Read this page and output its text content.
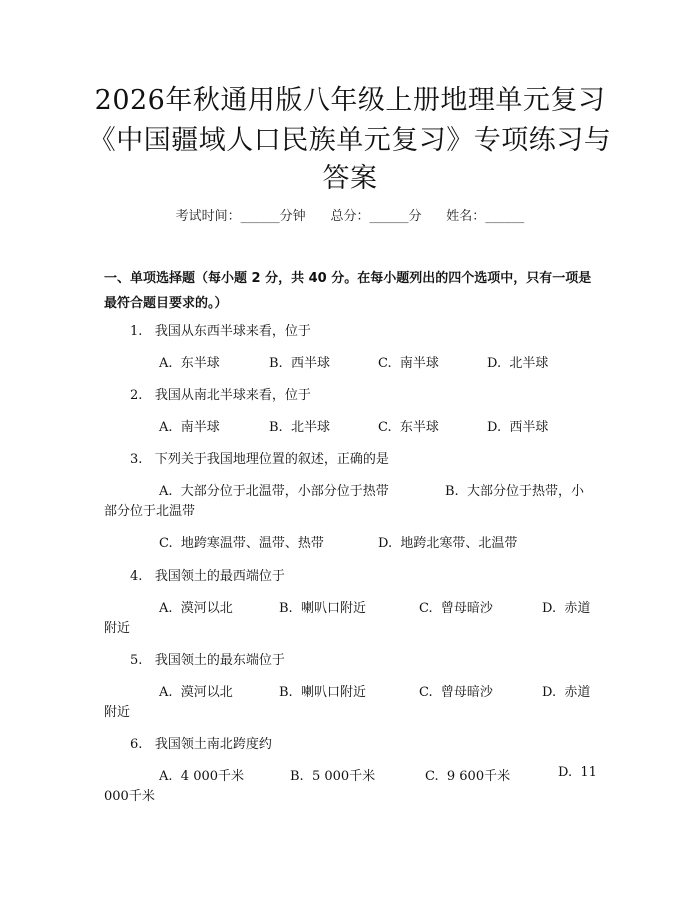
2026年秋通用版八年级上册地理单元复习
《中国疆域人口民族单元复习》专项练习与
答案
考试时间：______分钟 总分：______分 姓名：______
一、单项选择题（每小题 2 分，共 40 分。在每小题列出的四个选项中，只有一项是最符合题目要求的。）
1. 我国从东西半球来看，位于
A.  东半球	B.  西半球	C.  南半球	D.  北半球
2. 我国从南北半球来看，位于
A.  南半球	B.  北半球	C.  东半球	D.  西半球
3. 下列关于我国地理位置的叙述，正确的是
A.  大部分位于北温带，小部分位于热带	B.  大部分位于热带，小
部分位于北温带
C.  地跨寒温带、温带、热带	D.  地跨北寒带、北温带
4. 我国领土的最西端位于
A.  漠河以北	B.  喇叭口附近	C.  曾母暗沙	D.  赤道
附近
5. 我国领土的最东端位于
A.  漠河以北	B.  喇叭口附近	C.  曾母暗沙	D.  赤道
附近
6. 我国领土南北跨度约
A.  4 000千米	B.  5 000千米	C.  9 600千米	D.  11
000千米
